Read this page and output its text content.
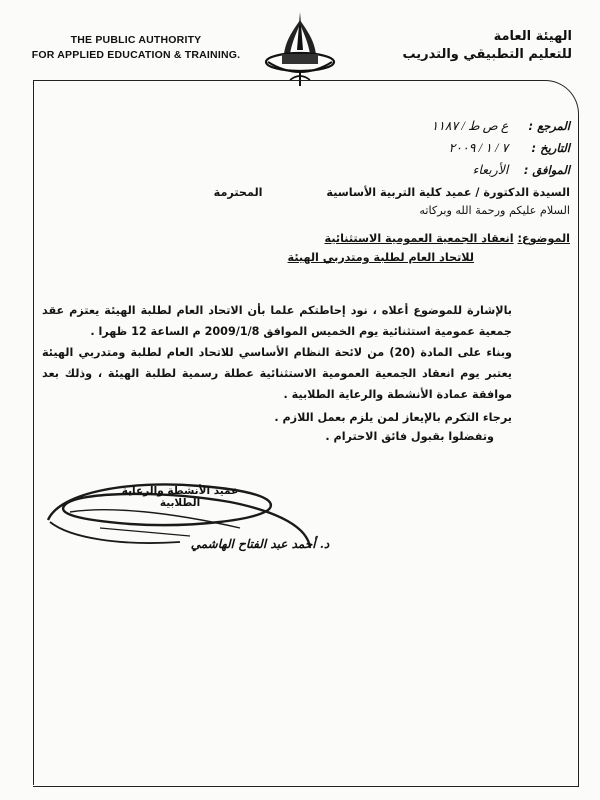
THE PUBLIC AUTHORITY
FOR APPLIED EDUCATION & TRAINING.
الهيئة العامة
للتعليم التطبيقي والتدريب
المرجع : ع ص ط / ١١٨٧
التاريخ : ٧ / ١ / ٢٠٠٩
الموافق : الأربعاء
السيدة الدكتورة / عميد كلية التربية الأساسية المحترمة
السلام عليكم ورحمة الله وبركاته
الموضوع: انعقاد الجمعية العمومية الاستثنائية
للاتحاد العام لطلبة ومتدربي الهيئة

بالإشارة للموضوع أعلاه ، نود إحاطتكم علما بأن الاتحاد العام لطلبة الهيئة يعتزم عقد جمعية عمومية استثنائية يوم الخميس الموافق 2009/1/8 م الساعة 12 ظهرا .

وبناء على المادة (20) من لائحة النظام الأساسي للاتحاد العام لطلبة ومتدربي الهيئة يعتبر يوم انعقاد الجمعية العمومية الاستثنائية عطلة رسمية لطلبة الهيئة ، وذلك بعد موافقة عمادة الأنشطة والرعاية الطلابية .

يرجاء التكرم بالإيعاز لمن يلزم بعمل اللازم .

وتفضلوا بقبول فائق الاحترام .

عميد الأنشطة والرعاية الطلابية
د. أحمد عبد الفتاح الهاشمي
